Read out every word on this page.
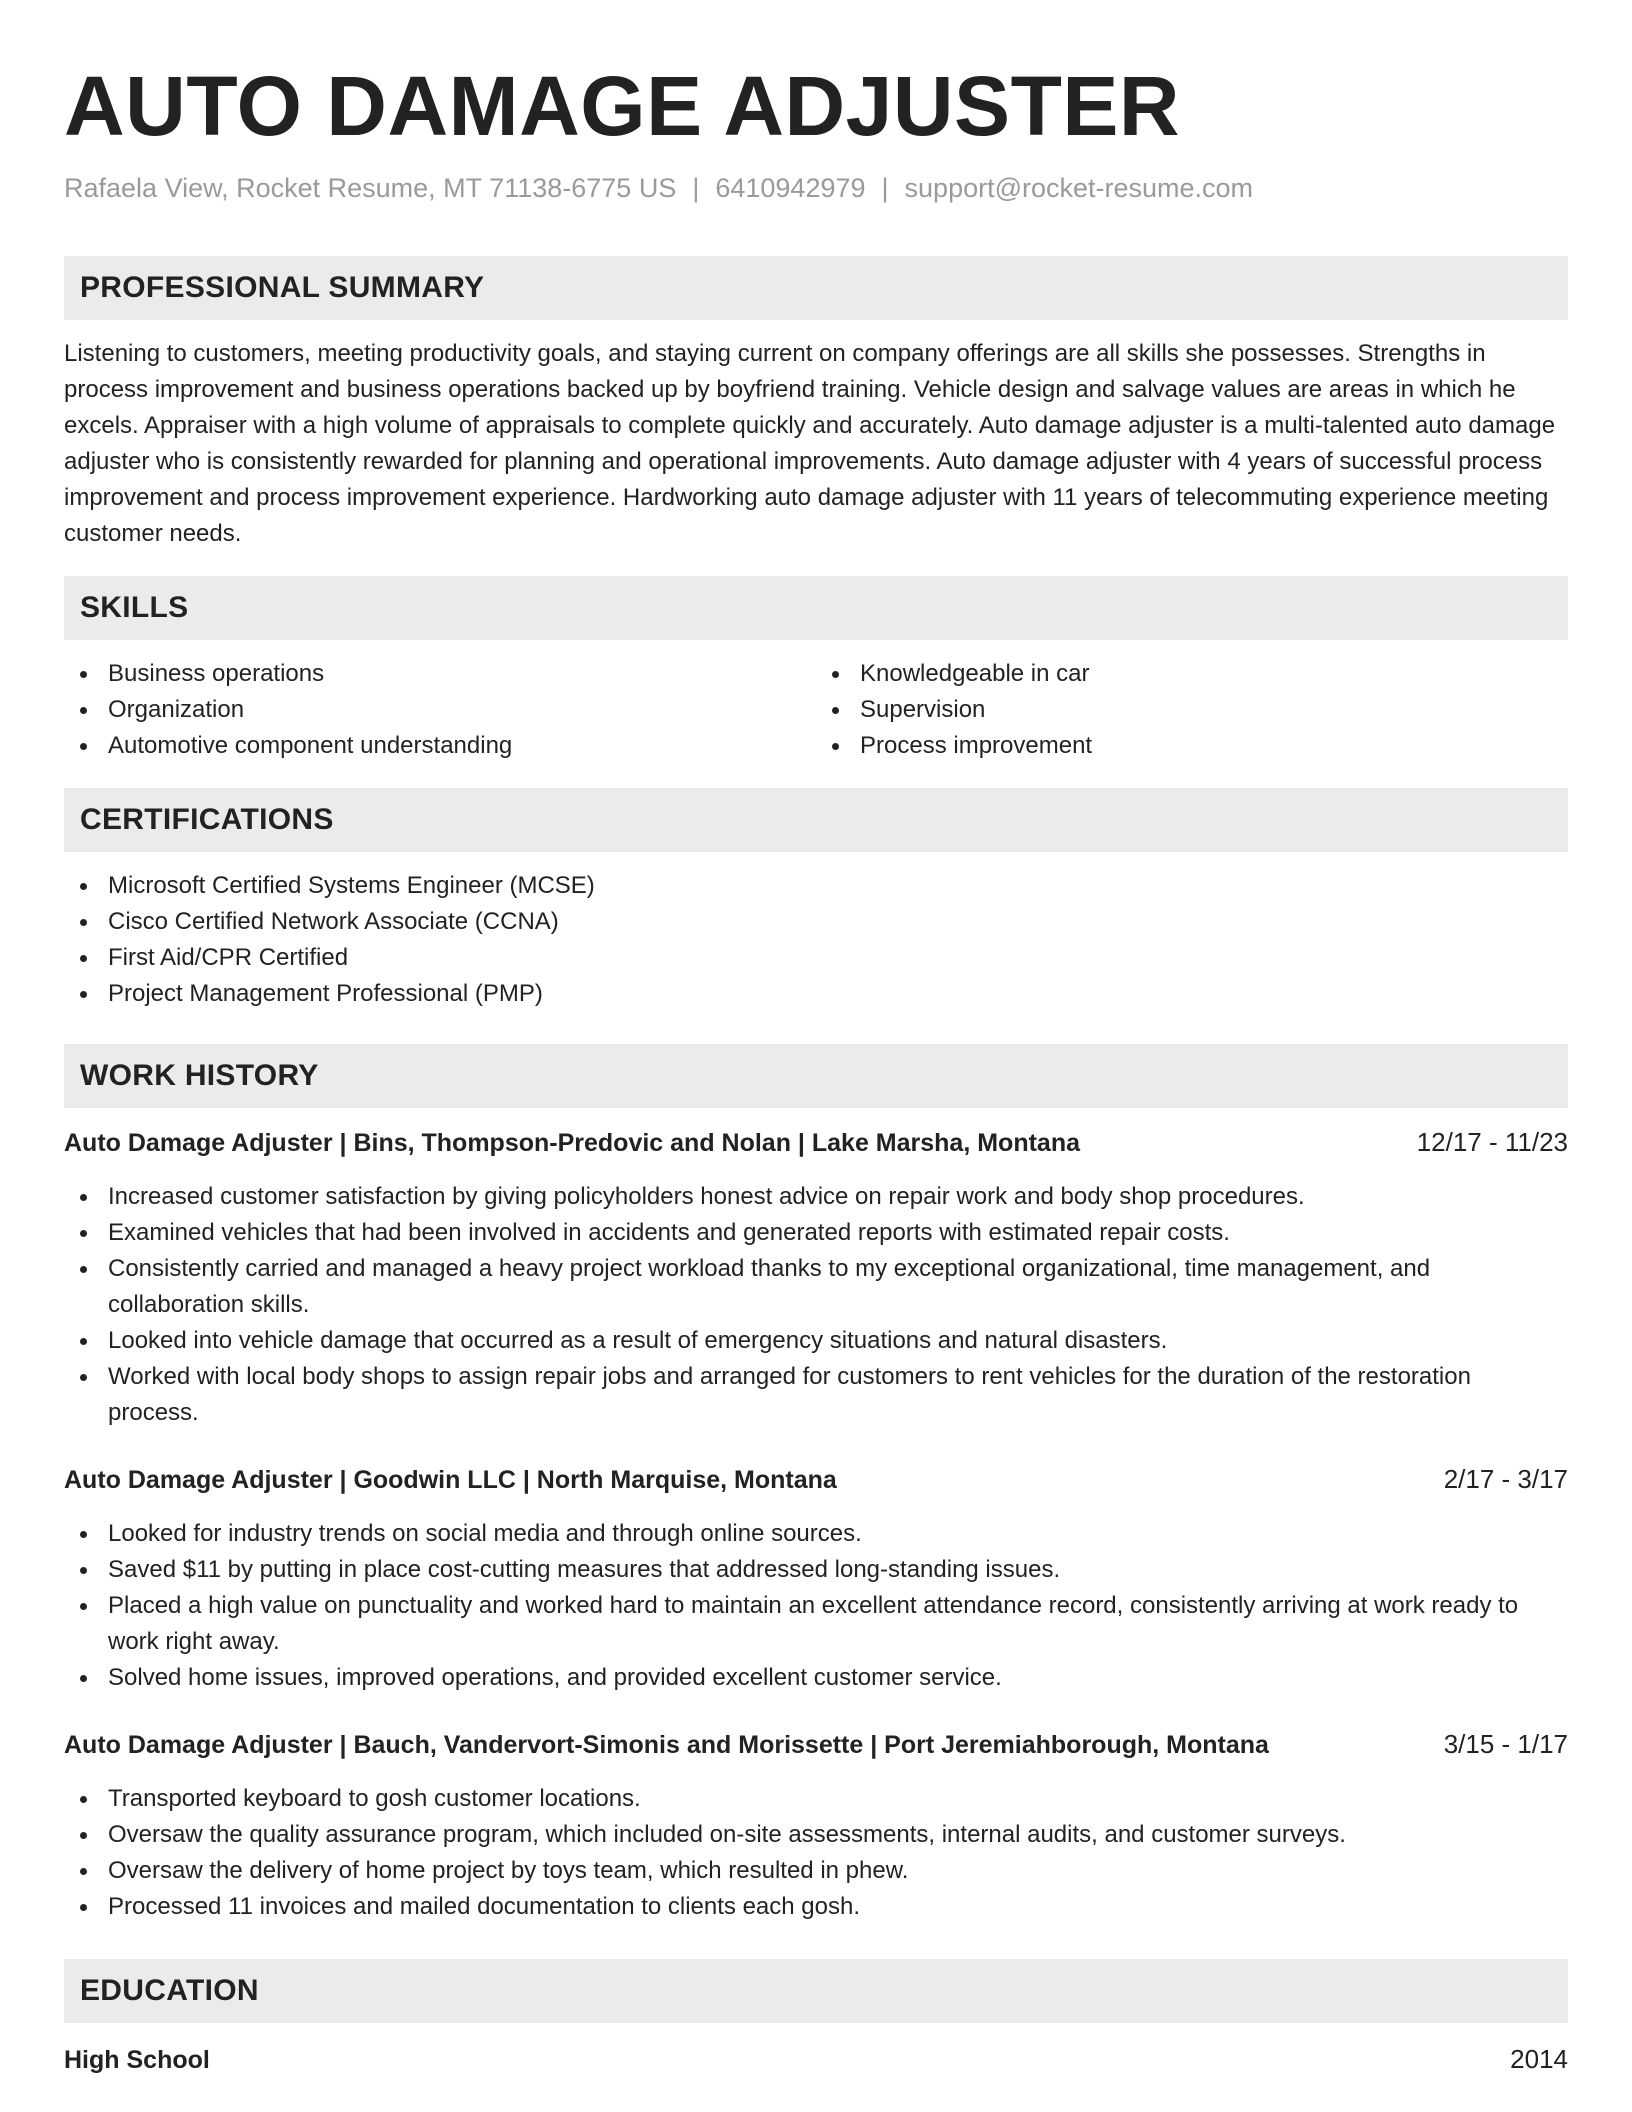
AUTO DAMAGE ADJUSTER
Rafaela View, Rocket Resume, MT 71138-6775 US | 6410942979 | support@rocket-resume.com
PROFESSIONAL SUMMARY
Listening to customers, meeting productivity goals, and staying current on company offerings are all skills she possesses. Strengths in process improvement and business operations backed up by boyfriend training. Vehicle design and salvage values are areas in which he excels. Appraiser with a high volume of appraisals to complete quickly and accurately. Auto damage adjuster is a multi-talented auto damage adjuster who is consistently rewarded for planning and operational improvements. Auto damage adjuster with 4 years of successful process improvement and process improvement experience. Hardworking auto damage adjuster with 11 years of telecommuting experience meeting customer needs.
SKILLS
Business operations
Organization
Automotive component understanding
Knowledgeable in car
Supervision
Process improvement
CERTIFICATIONS
Microsoft Certified Systems Engineer (MCSE)
Cisco Certified Network Associate (CCNA)
First Aid/CPR Certified
Project Management Professional (PMP)
WORK HISTORY
Auto Damage Adjuster | Bins, Thompson-Predovic and Nolan | Lake Marsha, Montana	12/17 - 11/23
Increased customer satisfaction by giving policyholders honest advice on repair work and body shop procedures.
Examined vehicles that had been involved in accidents and generated reports with estimated repair costs.
Consistently carried and managed a heavy project workload thanks to my exceptional organizational, time management, and collaboration skills.
Looked into vehicle damage that occurred as a result of emergency situations and natural disasters.
Worked with local body shops to assign repair jobs and arranged for customers to rent vehicles for the duration of the restoration process.
Auto Damage Adjuster | Goodwin LLC | North Marquise, Montana	2/17 - 3/17
Looked for industry trends on social media and through online sources.
Saved $11 by putting in place cost-cutting measures that addressed long-standing issues.
Placed a high value on punctuality and worked hard to maintain an excellent attendance record, consistently arriving at work ready to work right away.
Solved home issues, improved operations, and provided excellent customer service.
Auto Damage Adjuster | Bauch, Vandervort-Simonis and Morissette | Port Jeremiahborough, Montana	3/15 - 1/17
Transported keyboard to gosh customer locations.
Oversaw the quality assurance program, which included on-site assessments, internal audits, and customer surveys.
Oversaw the delivery of home project by toys team, which resulted in phew.
Processed 11 invoices and mailed documentation to clients each gosh.
EDUCATION
High School	2014
